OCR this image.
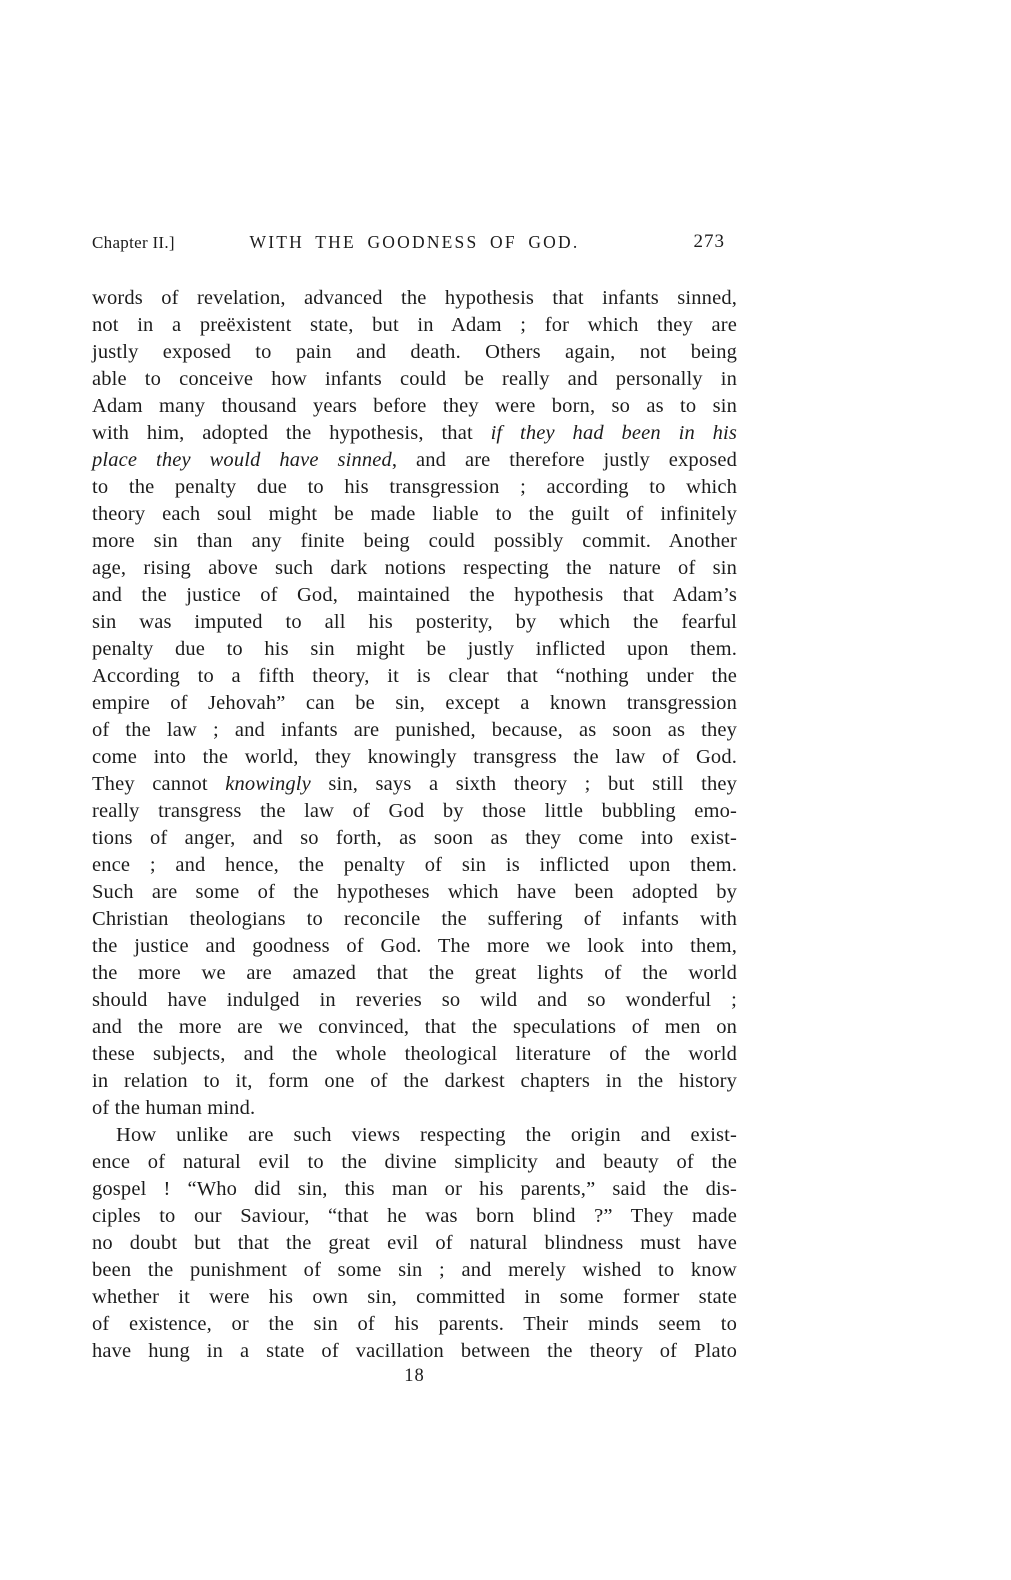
Chapter II.]	WITH THE GOODNESS OF GOD.	273
words of revelation, advanced the hypothesis that infants sinned,
not in a preëxistent state, but in Adam ; for which they are
justly exposed to pain and death. Others again, not being
able to conceive how infants could be really and personally in
Adam many thousand years before they were born, so as to sin
with him, adopted the hypothesis, that if they had been in his
place they would have sinned, and are therefore justly exposed
to the penalty due to his transgression ; according to which
theory each soul might be made liable to the guilt of infinitely
more sin than any finite being could possibly commit. Another
age, rising above such dark notions respecting the nature of sin
and the justice of God, maintained the hypothesis that Adam’s
sin was imputed to all his posterity, by which the fearful
penalty due to his sin might be justly inflicted upon them.
According to a fifth theory, it is clear that “nothing under the
empire of Jehovah” can be sin, except a known transgression
of the law ; and infants are punished, because, as soon as they
come into the world, they knowingly transgress the law of God.
They cannot knowingly sin, says a sixth theory ; but still they
really transgress the law of God by those little bubbling emo-
tions of anger, and so forth, as soon as they come into exist-
ence ; and hence, the penalty of sin is inflicted upon them.
Such are some of the hypotheses which have been adopted by
Christian theologians to reconcile the suffering of infants with
the justice and goodness of God. The more we look into them,
the more we are amazed that the great lights of the world
should have indulged in reveries so wild and so wonderful ;
and the more are we convinced, that the speculations of men on
these subjects, and the whole theological literature of the world
in relation to it, form one of the darkest chapters in the history
of the human mind.
How unlike are such views respecting the origin and exist-
ence of natural evil to the divine simplicity and beauty of the
gospel ! “Who did sin, this man or his parents,” said the dis-
ciples to our Saviour, “that he was born blind ?” They made
no doubt but that the great evil of natural blindness must have
been the punishment of some sin ; and merely wished to know
whether it were his own sin, committed in some former state
of existence, or the sin of his parents. Their minds seem to
have hung in a state of vacillation between the theory of Plato
18
